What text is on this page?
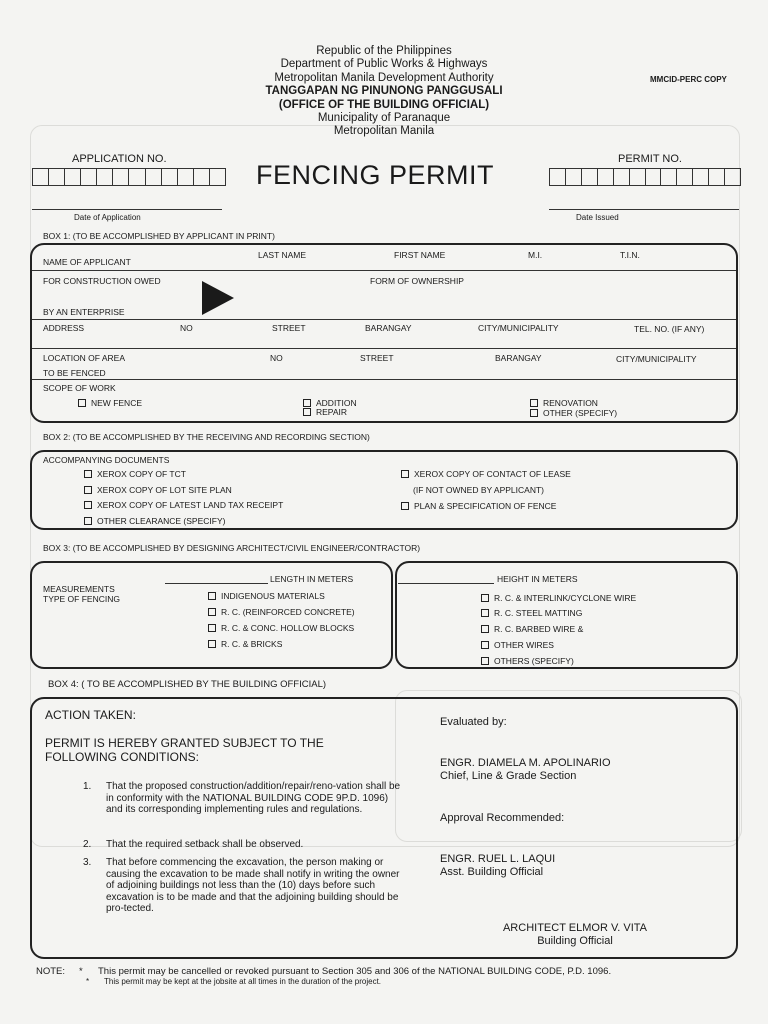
Republic of the Philippines
Department of Public Works & Highways
Metropolitan Manila Development Authority
TANGGAPAN NG PINUNONG PANGGUSALI
(OFFICE OF THE BUILDING OFFICIAL)
Municipality of Paranaque
Metropolitan Manila
MMCID-PERC COPY
APPLICATION NO.
FENCING PERMIT
PERMIT NO.
Date of Application	Date Issued
BOX 1: (TO BE ACCOMPLISHED BY APPLICANT IN PRINT)
LAST NAME	FIRST NAME	M.I.	T.I.N.
NAME OF APPLICANT
FOR CONSTRUCTION OWED	FORM OF OWNERSHIP
BY AN ENTERPRISE
ADDRESS	NO	STREET	BARANGAY	CITY/MUNICIPALITY	TEL. NO. (IF ANY)
LOCATION OF AREA	NO	STREET	BARANGAY	CITY/MUNICIPALITY
TO BE FENCED
SCOPE OF WORK
NEW FENCE	ADDITION
REPAIR
RENOVATION
OTHER (SPECIFY)
BOX 2: (TO BE ACCOMPLISHED BY THE RECEIVING AND RECORDING SECTION)
ACCOMPANYING DOCUMENTS
XEROX COPY OF TCT
XEROX COPY OF LOT SITE PLAN
XEROX COPY OF LATEST LAND TAX RECEIPT
OTHER CLEARANCE (SPECIFY)
XEROX COPY OF CONTACT OF LEASE
(IF NOT OWNED BY APPLICANT)
PLAN & SPECIFICATION OF FENCE
BOX 3: (TO BE ACCOMPLISHED BY DESIGNING ARCHITECT/CIVIL ENGINEER/CONTRACTOR)
LENGTH IN METERS	HEIGHT IN METERS
MEASUREMENTS
TYPE OF FENCING	INDIGENOUS MATERIALS
R. C. (REINFORCED CONCRETE)
R. C. & CONC. HOLLOW BLOCKS
R. C. & BRICKS
R. C. & INTERLINK/CYCLONE WIRE
R. C. STEEL MATTING
R. C. BARBED WIRE &
OTHER WIRES
OTHERS (SPECIFY)
BOX 4: ( TO BE ACCOMPLISHED BY THE BUILDING OFFICIAL)
ACTION TAKEN:
PERMIT IS HEREBY GRANTED SUBJECT TO THE
FOLLOWING CONDITIONS:
1. That the proposed construction/addition/repair/reno-vation shall be in conformity with the NATIONAL BUILDING CODE 9P.D. 1096) and its corresponding implementing rules and regulations.
2. That the required setback shall be observed.
3. That before commencing the excavation, the person making or causing the excavation to be made shall notify in writing the owner of adjoining buildings not less than the (10) days before such excavation is to be made and that the adjoining building should be pro-tected.
Evaluated by:
ENGR. DIAMELA M. APOLINARIO
Chief, Line & Grade Section
Approval Recommended:
ENGR. RUEL L. LAQUI
Asst. Building Official
ARCHITECT ELMOR V. VITA
Building Official
NOTE: * This permit may be cancelled or revoked pursuant to Section 305 and 306 of the NATIONAL BUILDING CODE, P.D. 1096.
* This permit may be kept at the jobsite at all times in the duration of the project.
